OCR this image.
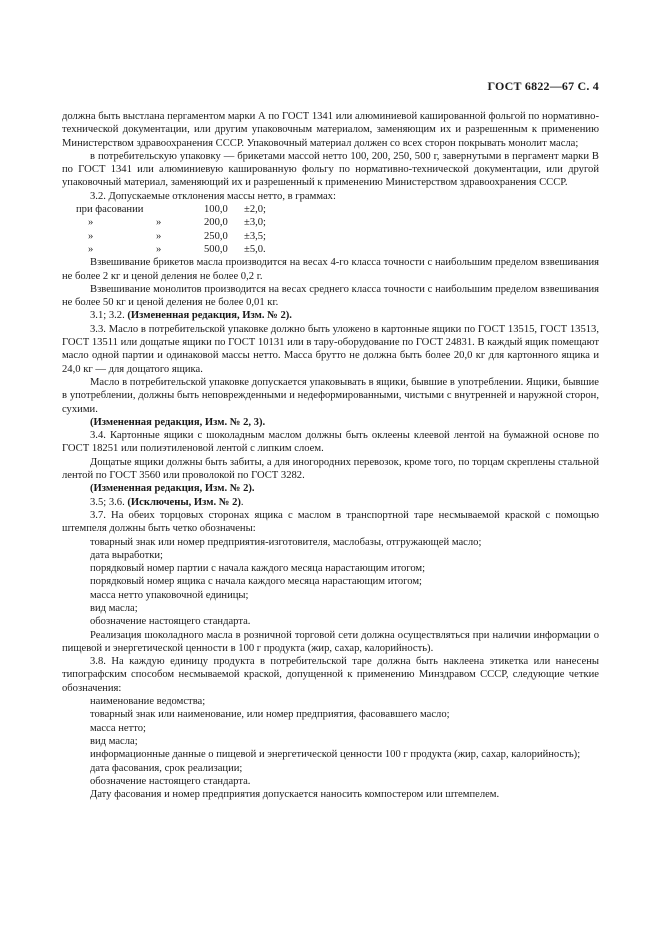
ГОСТ 6822—67 С. 4

должна быть выстлана пергаментом марки А по ГОСТ 1341 или алюминиевой кашированной фольгой по нормативно-технической документации, или другим упаковочным материалом, заменяющим их и разрешенным к применению Министерством здравоохранения СССР. Упаковочный материал должен со всех сторон покрывать монолит масла;

в потребительскую упаковку — брикетами массой нетто 100, 200, 250, 500 г, завернутыми в пергамент марки В по ГОСТ 1341 или алюминиевую кашированную фольгу по нормативно-технической документации, или другой упаковочный материал, заменяющий их и разрешенный к применению Министерством здравоохранения СССР.

3.2. Допускаемые отклонения массы нетто, в граммах:

при фасовании		100,0	±2,0;
»	»	200,0	±3,0;
»	»	250,0	±3,5;
»	»	500,0	±5,0.

Взвешивание брикетов масла производится на весах 4-го класса точности с наибольшим пределом взвешивания не более 2 кг и ценой деления не более 0,2 г.

Взвешивание монолитов производится на весах среднего класса точности с наибольшим пределом взвешивания не более 50 кг и ценой деления не более 0,01 кг.

3.1; 3.2. (Измененная редакция, Изм. № 2).

3.3. Масло в потребительской упаковке должно быть уложено в картонные ящики по ГОСТ 13515, ГОСТ 13513, ГОСТ 13511 или дощатые ящики по ГОСТ 10131 или в тару-оборудование по ГОСТ 24831. В каждый ящик помещают масло одной партии и одинаковой массы нетто. Масса брутто не должна быть более 20,0 кг для картонного ящика и 24,0 кг — для дощатого ящика.

Масло в потребительской упаковке допускается упаковывать в ящики, бывшие в употреблении. Ящики, бывшие в употреблении, должны быть неповрежденными и недеформированными, чистыми с внутренней и наружной сторон, сухими.

(Измененная редакция, Изм. № 2, 3).

3.4. Картонные ящики с шоколадным маслом должны быть оклеены клеевой лентой на бумажной основе по ГОСТ 18251 или полиэтиленовой лентой с липким слоем.

Дощатые ящики должны быть забиты, а для иногородних перевозок, кроме того, по торцам скреплены стальной лентой по ГОСТ 3560 или проволокой по ГОСТ 3282.

(Измененная редакция, Изм. № 2).

3.5; 3.6. (Исключены, Изм. № 2).

3.7. На обеих торцовых сторонах ящика с маслом в транспортной таре несмываемой краской с помощью штемпеля должны быть четко обозначены:

товарный знак или номер предприятия-изготовителя, маслобазы, отгружающей масло;
дата выработки;
порядковый номер партии с начала каждого месяца нарастающим итогом;
порядковый номер ящика с начала каждого месяца нарастающим итогом;
масса нетто упаковочной единицы;
вид масла;
обозначение настоящего стандарта.

Реализация шоколадного масла в розничной торговой сети должна осуществляться при наличии информации о пищевой и энергетической ценности в 100 г продукта (жир, сахар, калорийность).

3.8. На каждую единицу продукта в потребительской таре должна быть наклеена этикетка или нанесены типографским способом несмываемой краской, допущенной к применению Минздравом СССР, следующие четкие обозначения:

наименование ведомства;
товарный знак или наименование, или номер предприятия, фасовавшего масло;
масса нетто;
вид масла;

информационные данные о пищевой и энергетической ценности 100 г продукта (жир, сахар, калорийность);

дата фасования, срок реализации;
обозначение настоящего стандарта.

Дату фасования и номер предприятия допускается наносить компостером или штемпелем.
